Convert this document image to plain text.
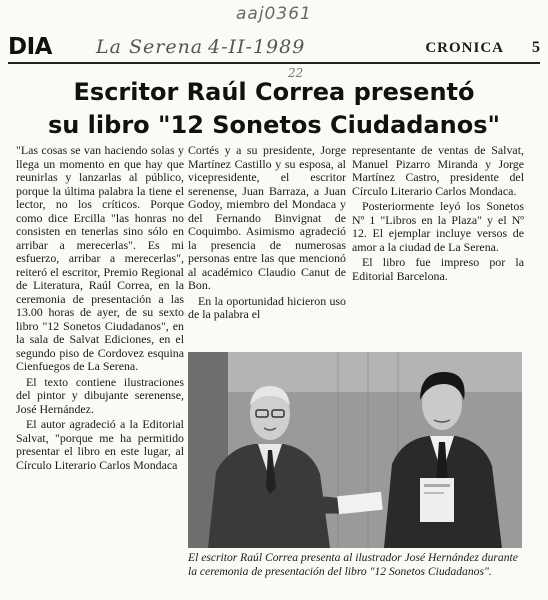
aaj0361
DIA La Serena 4-II-1989	CRONICA 5
22
Escritor Raúl Correa presentó
su libro "12 Sonetos Ciudadanos"

"Las cosas se van haciendo solas y llega un momento en que hay que reunirlas y lanzarlas al público, porque la última palabra la tiene el lector, no los críticos. Porque como dice Ercilla "las honras no consisten en tenerlas sino sólo en arribar a merecerlas". Es mi esfuerzo, arribar a merecerlas", reiteró el escritor, Premio Regional de Literatura, Raúl Correa, en la ceremonia de presentación a las 13.00 horas de ayer, de su sexto libro "12 Sonetos Ciudadanos", en la sala de Salvat Ediciones, en el segundo piso de Cordovez esquina Cienfuegos de La Serena.

El texto contiene ilustraciones del pintor y dibujante serenense, José Hernández.

El autor agradeció a la Editorial Salvat, "porque me ha permitido presentar el libro en este lugar, al Círculo Literario Carlos Mondaca

Cortés y a su presidente, Jorge Martínez Castillo y su esposa, al vicepresidente, el escritor serenense, Juan Barraza, a Juan Godoy, miembro del Mondaca y del Fernando Binvignat de Coquimbo. Asimismo agradeció la presencia de numerosas personas entre las que mencionó al académico Claudio Canut de Bon.

En la oportunidad hicieron uso de la palabra el

representante de ventas de Salvat, Manuel Pizarro Miranda y Jorge Martínez Castro, presidente del Círculo Literario Carlos Mondaca.

Posteriormente leyó los Sonetos Nº 1 "Libros en la Plaza" y el Nº 12. El ejemplar incluye versos de amor a la ciudad de La Serena.

El libro fue impreso por la Editorial Barcelona.

El escritor Raúl Correa presenta al ilustrador José Hernández durante la ceremonia de presentación del libro "12 Sonetos Ciudadanos".
